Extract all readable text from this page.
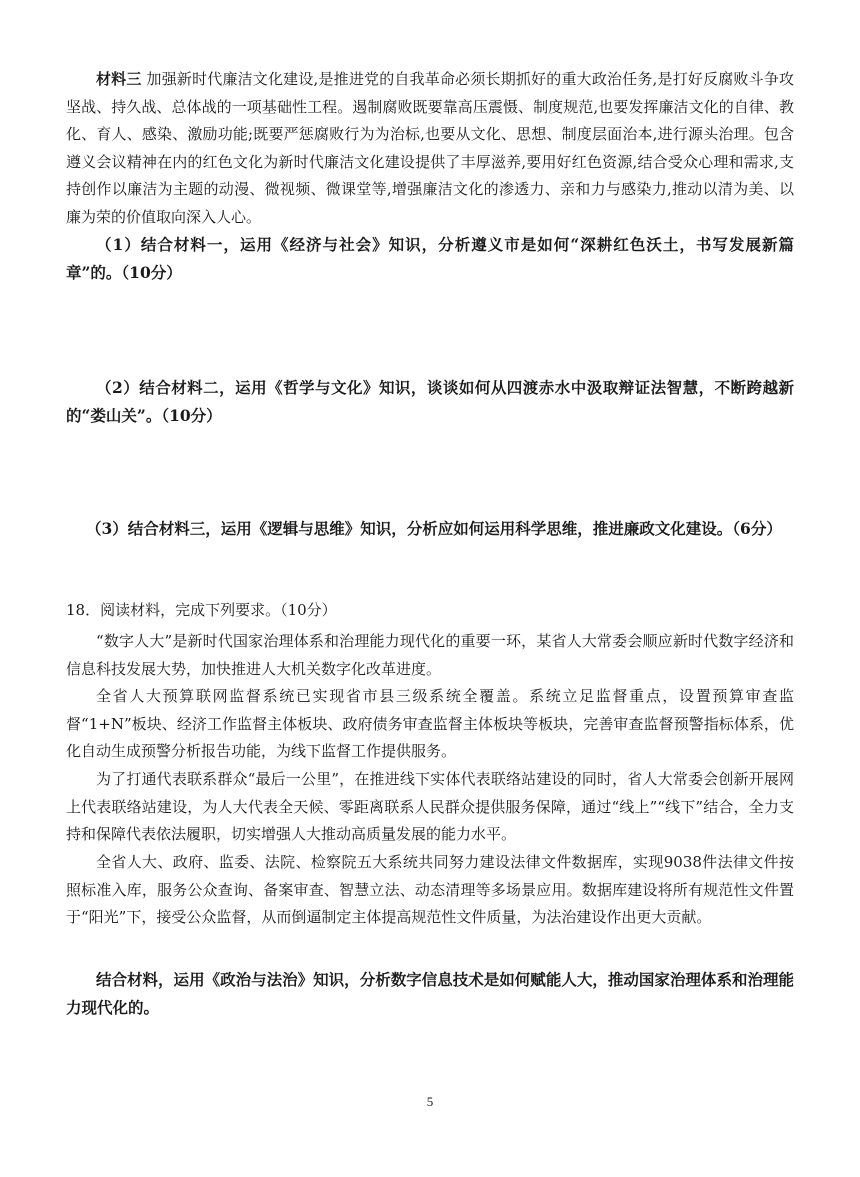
材料三 加强新时代廉洁文化建设,是推进党的自我革命必须长期抓好的重大政治任务,是打好反腐败斗争攻坚战、持久战、总体战的一项基础性工程。遏制腐败既要靠高压震慑、制度规范,也要发挥廉洁文化的自律、教化、育人、感染、激励功能;既要严惩腐败行为为治标,也要从文化、思想、制度层面治本,进行源头治理。包含遵义会议精神在内的红色文化为新时代廉洁文化建设提供了丰厚滋养,要用好红色资源,结合受众心理和需求,支持创作以廉洁为主题的动漫、微视频、微课堂等,增强廉洁文化的渗透力、亲和力与感染力,推动以清为美、以廉为荣的价值取向深入人心。

（1）结合材料一，运用《经济与社会》知识，分析遵义市是如何“深耕红色沃土，书写发展新篇章”的。（10分）

（2）结合材料二，运用《哲学与文化》知识，谈谈如何从四渡赤水中汲取辩证法智慧，不断跨越新的“娄山关”。（10分）

（3）结合材料三，运用《逻辑与思维》知识，分析应如何运用科学思维，推进廉政文化建设。（6分）

18．阅读材料，完成下列要求。（10分）

“数字人大”是新时代国家治理体系和治理能力现代化的重要一环，某省人大常委会顺应新时代数字经济和信息科技发展大势，加快推进人大机关数字化改革进度。

全省人大预算联网监督系统已实现省市县三级系统全覆盖。系统立足监督重点，设置预算审查监督“1+N”板块、经济工作监督主体板块、政府债务审查监督主体板块等板块，完善审查监督预警指标体系，优化自动生成预警分析报告功能，为线下监督工作提供服务。

为了打通代表联系群众“最后一公里”，在推进线下实体代表联络站建设的同时，省人大常委会创新开展网上代表联络站建设，为人大代表全天候、零距离联系人民群众提供服务保障，通过“线上”“线下”结合，全力支持和保障代表依法履职，切实增强人大推动高质量发展的能力水平。

全省人大、政府、监委、法院、检察院五大系统共同努力建设法律文件数据库，实现9038件法律文件按照标准入库，服务公众查询、备案审查、智慧立法、动态清理等多场景应用。数据库建设将所有规范性文件置于“阳光”下，接受公众监督，从而倒逼制定主体提高规范性文件质量，为法治建设作出更大贡献。

结合材料，运用《政治与法治》知识，分析数字信息技术是如何赋能人大，推动国家治理体系和治理能力现代化的。

5
